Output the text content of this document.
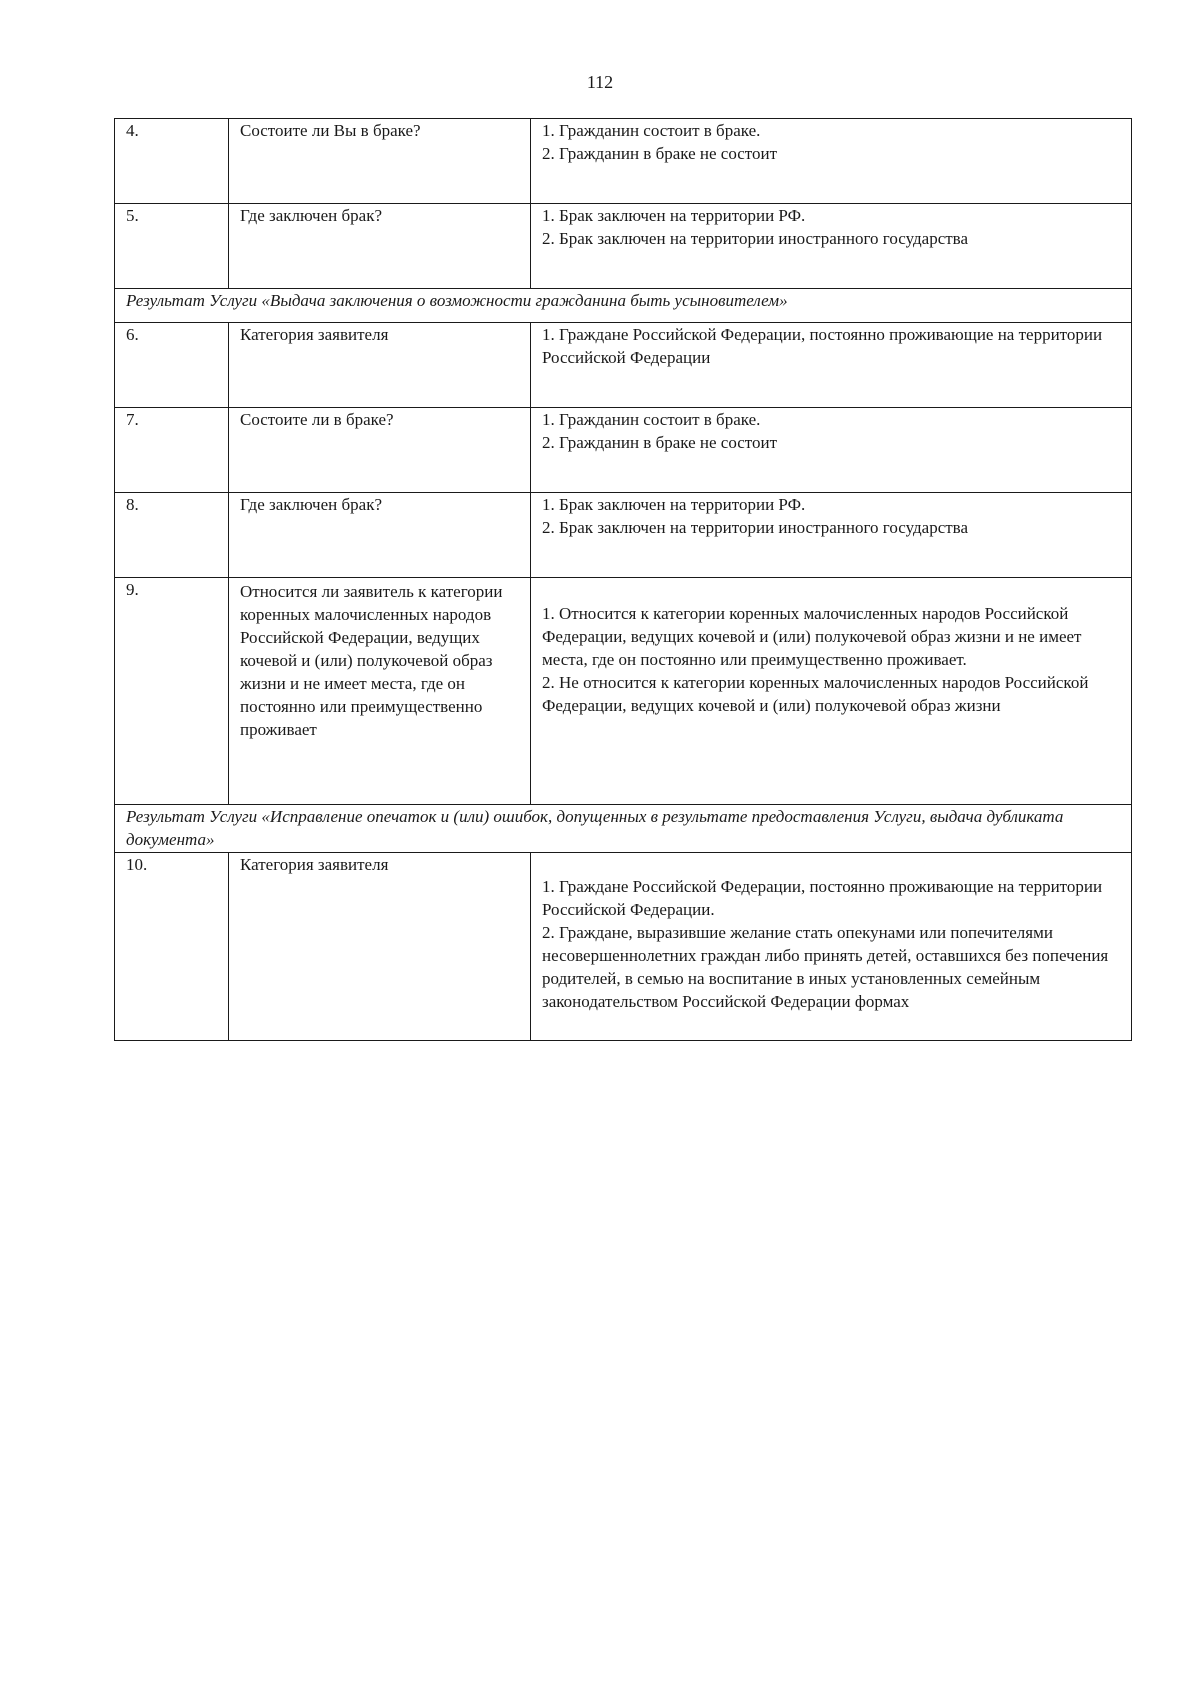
112
4.	Состоите ли Вы в браке?	1. Гражданин состоит в браке.
2. Гражданин в браке не состоит

5.	Где заключен брак?	1. Брак заключен на территории РФ.
2. Брак заключен на территории иностранного государства

Результат Услуги «Выдача заключения о возможности гражданина быть усыновителем»		
6.	Категория заявителя	1. Граждане Российской Федерации, постоянно проживающие на территории Российской Федерации

7.	Состоите ли в браке?	1. Гражданин состоит в браке.
2. Гражданин в браке не состоит

8.	Где заключен брак?	1. Брак заключен на территории РФ.
2. Брак заключен на территории иностранного государства

9.	Относится ли заявитель к категории коренных малочисленных народов Российской Федерации, ведущих кочевой и (или) полукочевой образ жизни и не имеет места, где он постоянно или преимущественно проживает	1. Относится к категории коренных малочисленных народов Российской Федерации, ведущих кочевой и (или) полукочевой образ жизни и не имеет места, где он постоянно или преимущественно проживает.
2. Не относится к категории коренных малочисленных народов Российской Федерации, ведущих кочевой и (или) полукочевой образ жизни

Результат Услуги «Исправление опечаток и (или) ошибок, допущенных в результате предоставления Услуги, выдача дубликата документа»		
10.	Категория заявителя	1. Граждане Российской Федерации, постоянно проживающие на территории Российской Федерации.
2. Граждане, выразившие желание стать опекунами или попечителями несовершеннолетних граждан либо принять детей, оставшихся без попечения родителей, в семью на воспитание в иных установленных семейным законодательством Российской Федерации формах
